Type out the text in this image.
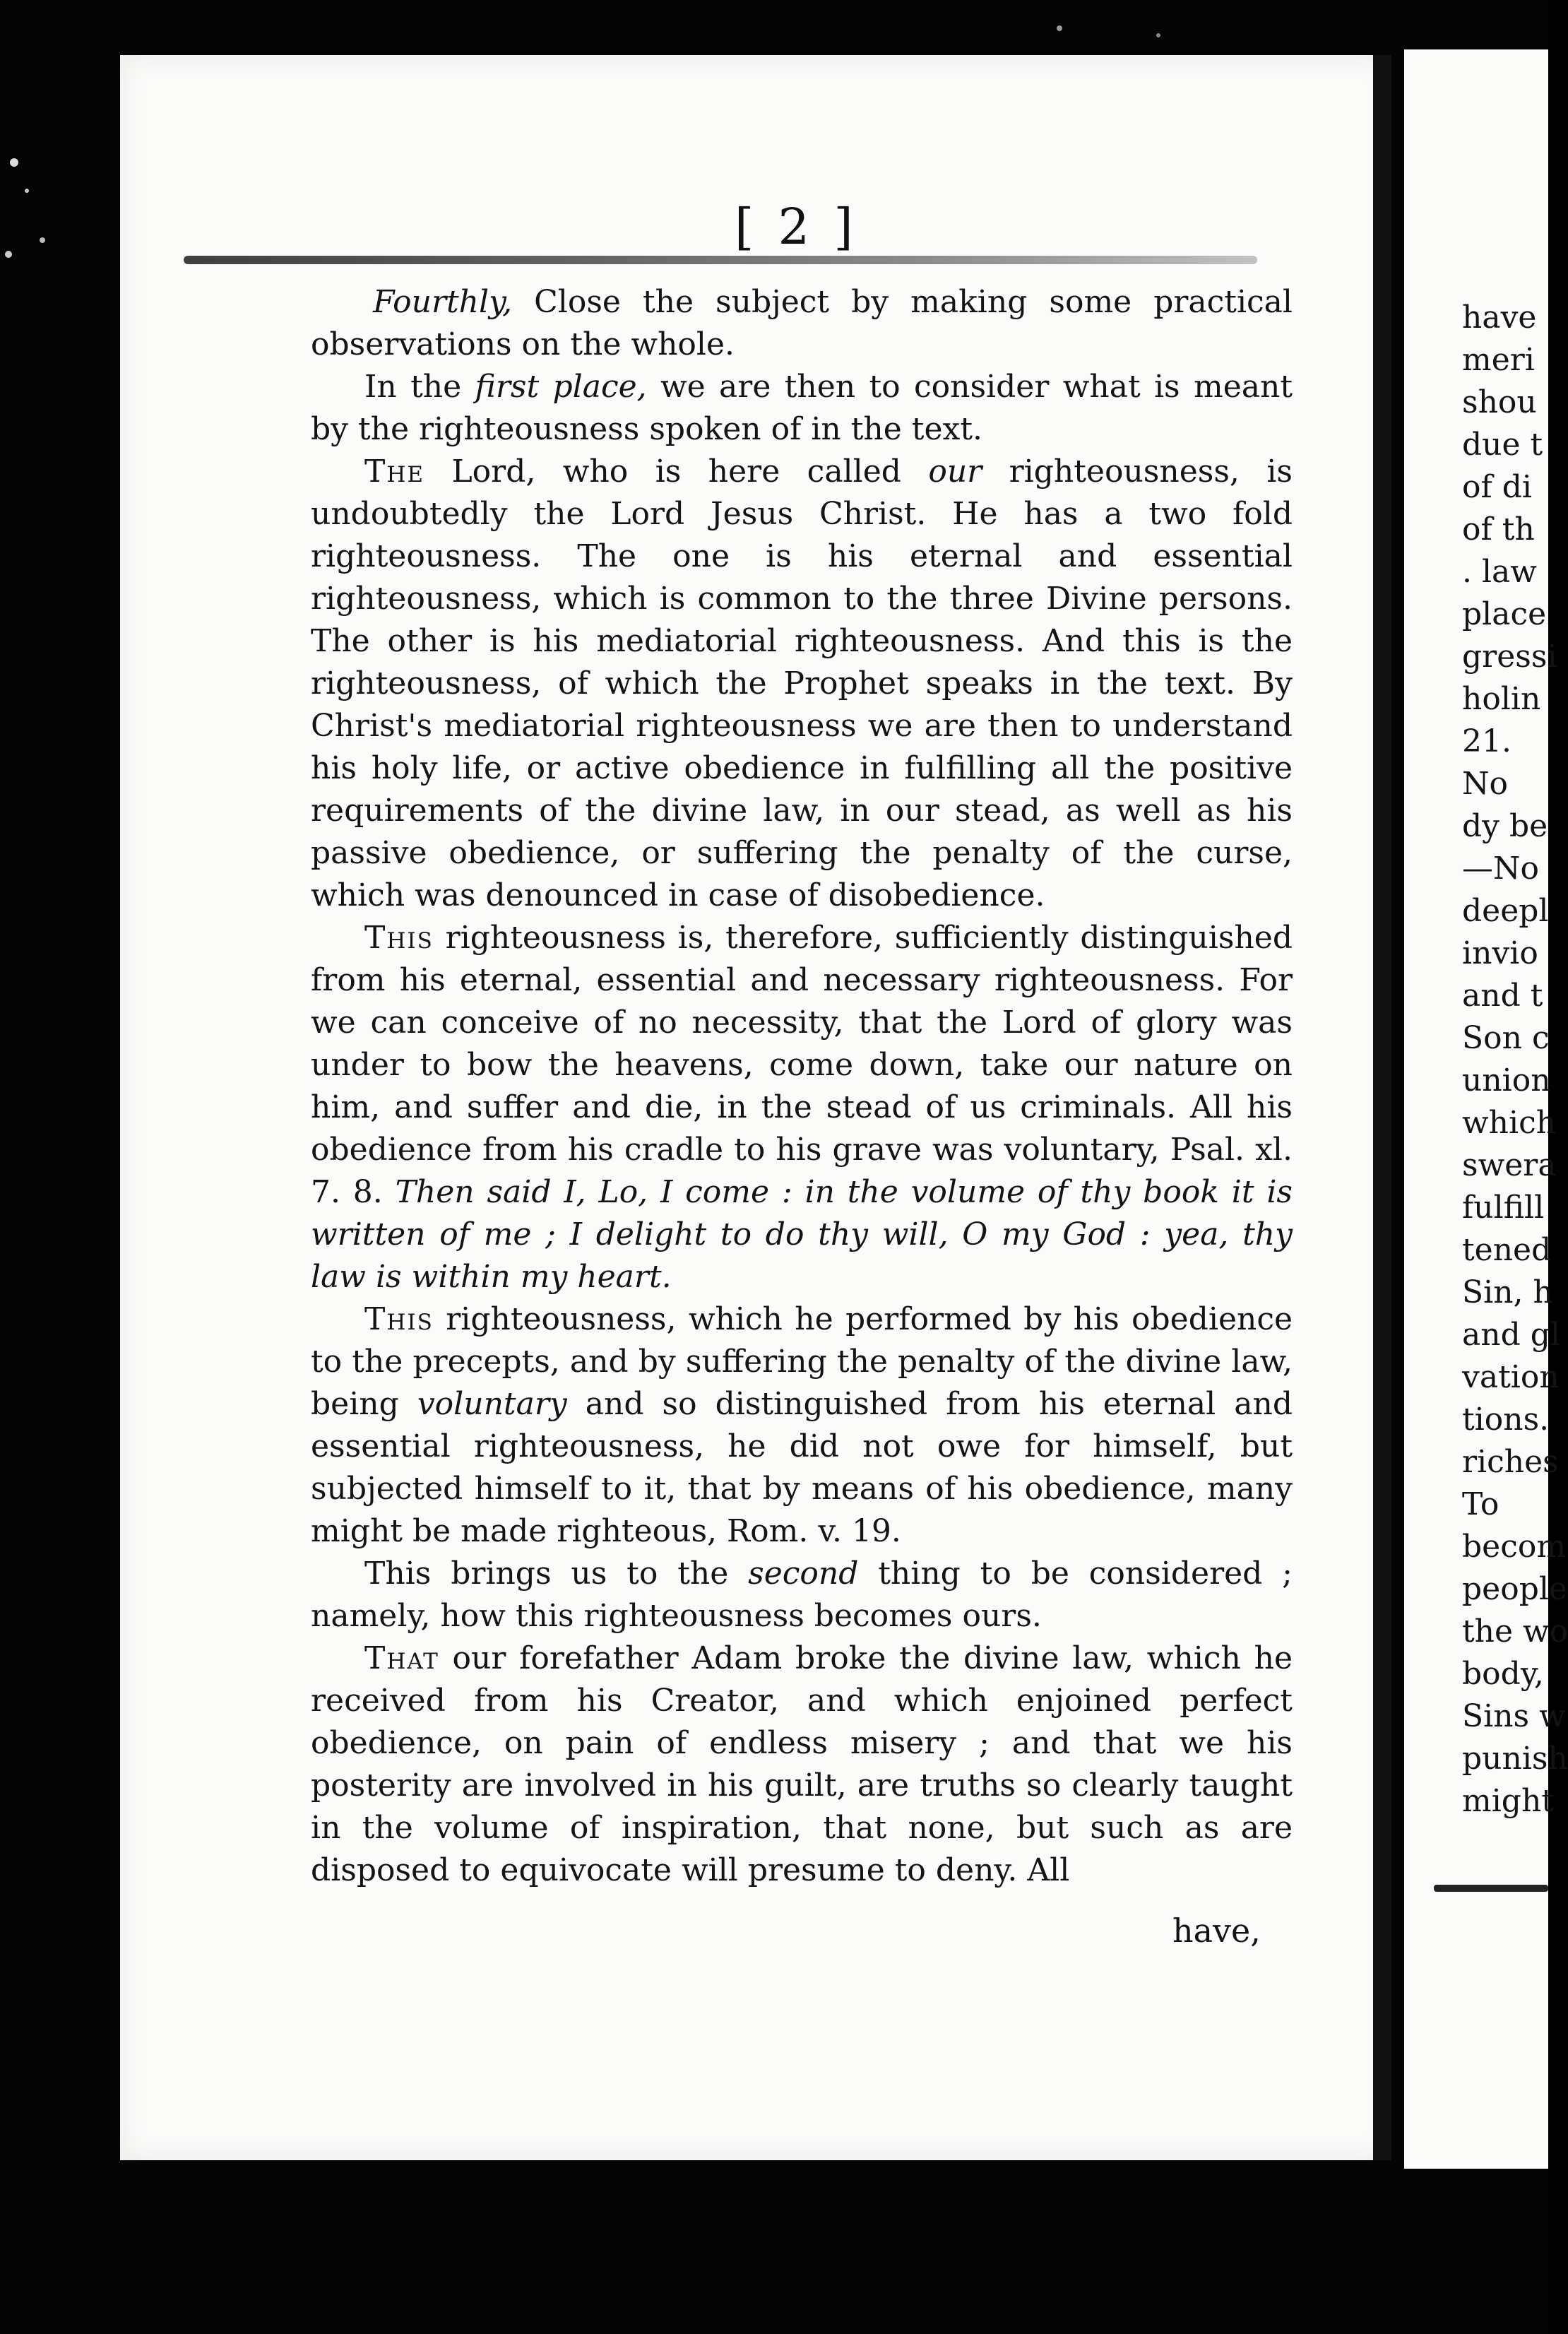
[ 2 ]

Fourthly, Close the subject by making some practical observations on the whole.

In the first place, we are then to consider what is meant by the righteousness spoken of in the text.

The Lord, who is here called our righteousness, is undoubtedly the Lord Jesus Christ. He has a two fold righteousness. The one is his eternal and essential righteousness, which is common to the three Divine persons. The other is his mediatorial righteousness. And this is the righteousness, of which the Prophet speaks in the text. By Christ's mediatorial righteousness we are then to understand his holy life, or active obedience in fulfilling all the positive requirements of the divine law, in our stead, as well as his passive obedience, or suffering the penalty of the curse, which was denounced in case of disobedience.

This righteousness is, therefore, sufficiently distinguished from his eternal, essential and necessary righteousness. For we can conceive of no necessity, that the Lord of glory was under to bow the heavens, come down, take our nature on him, and suffer and die, in the stead of us criminals. All his obedience from his cradle to his grave was voluntary, Psal. xl. 7. 8. Then said I, Lo, I come : in the volume of thy book it is written of me ; I delight to do thy will, O my God : yea, thy law is within my heart.

This righteousness, which he performed by his obedience to the precepts, and by suffering the penalty of the divine law, being voluntary and so distinguished from his eternal and essential righteousness, he did not owe for himself, but subjected himself to it, that by means of his obedience, many might be made righteous, Rom. v. 19.

This brings us to the second thing to be considered ; namely, how this righteousness becomes ours.

That our forefather Adam broke the divine law, which he received from his Creator, and which enjoined perfect obedience, on pain of endless misery ; and that we his posterity are involved in his guilt, are truths so clearly taught in the volume of inspiration, that none, but such as are disposed to equivocate will presume to deny. All

have,
have
meri
shou
due t
of di
of th
. law
place
gressi
holin
21.
No
dy be
—No
deepl
invio
and t
Son c
union
which
swera
fulfill
tened
Sin, h
and gl
vation
tions.
riches
To
becom
people
the wo
body,
Sins w
punish
might
